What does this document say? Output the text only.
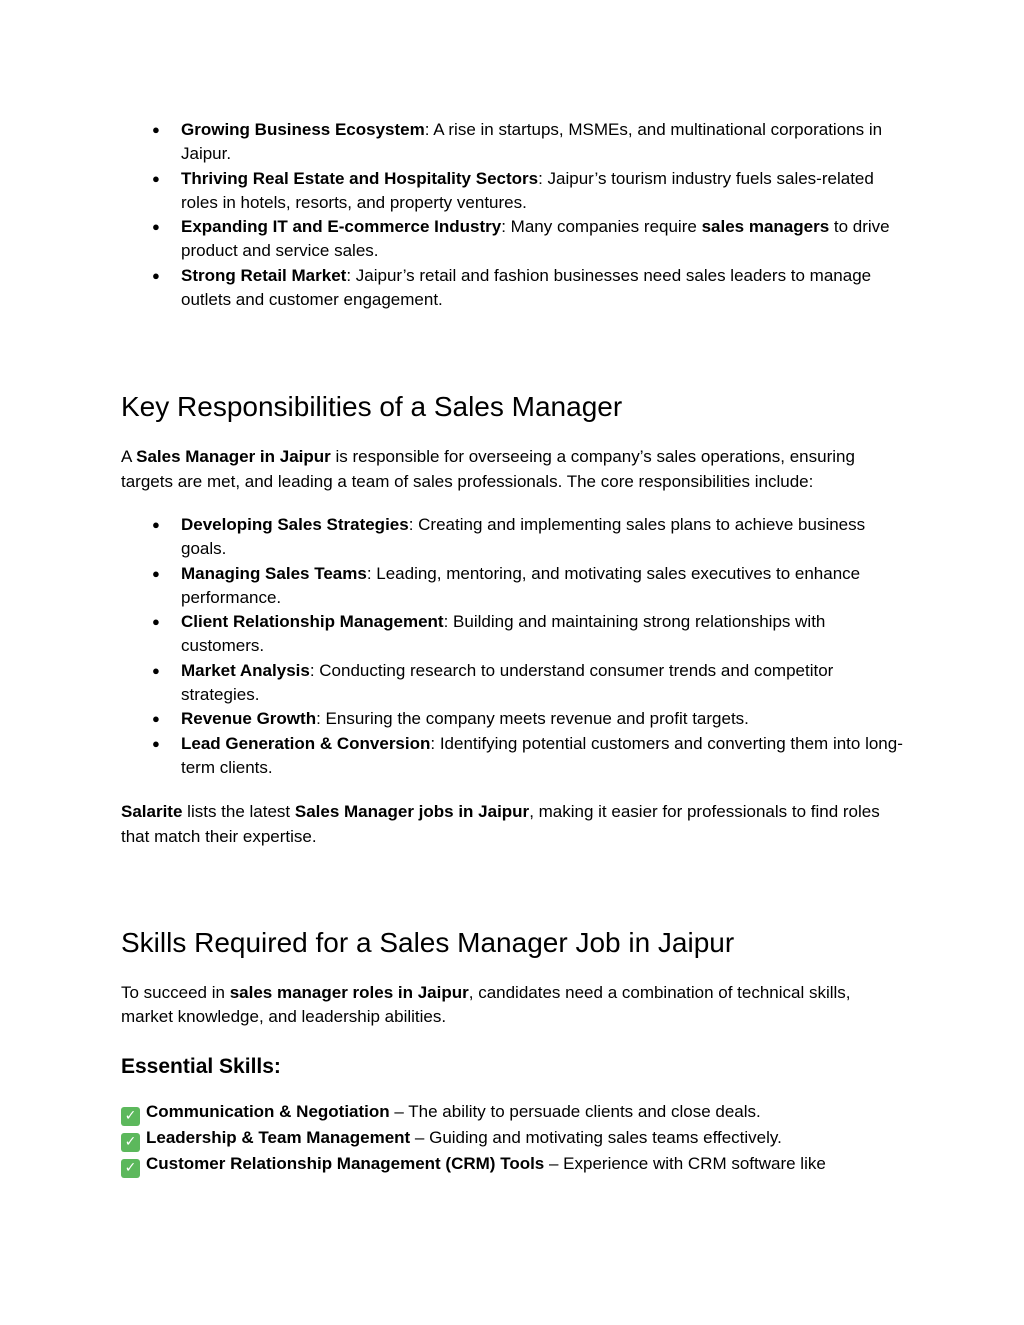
● Growing Business Ecosystem: A rise in startups, MSMEs, and multinational corporations in Jaipur.
● Thriving Real Estate and Hospitality Sectors: Jaipur’s tourism industry fuels sales-related roles in hotels, resorts, and property ventures.
● Expanding IT and E-commerce Industry: Many companies require sales managers to drive product and service sales.
● Strong Retail Market: Jaipur’s retail and fashion businesses need sales leaders to manage outlets and customer engagement.
Key Responsibilities of a Sales Manager

A Sales Manager in Jaipur is responsible for overseeing a company’s sales operations, ensuring targets are met, and leading a team of sales professionals. The core responsibilities include:

● Developing Sales Strategies: Creating and implementing sales plans to achieve business goals.
● Managing Sales Teams: Leading, mentoring, and motivating sales executives to enhance performance.
● Client Relationship Management: Building and maintaining strong relationships with customers.
● Market Analysis: Conducting research to understand consumer trends and competitor strategies.
● Revenue Growth: Ensuring the company meets revenue and profit targets.
● Lead Generation & Conversion: Identifying potential customers and converting them into long-term clients.

Salarite lists the latest Sales Manager jobs in Jaipur, making it easier for professionals to find roles that match their expertise.

Skills Required for a Sales Manager Job in Jaipur

To succeed in sales manager roles in Jaipur, candidates need a combination of technical skills, market knowledge, and leadership abilities.

Essential Skills:

✓ Communication & Negotiation – The ability to persuade clients and close deals.

✓ Leadership & Team Management – Guiding and motivating sales teams effectively.

✓ Customer Relationship Management (CRM) Tools – Experience with CRM software like
